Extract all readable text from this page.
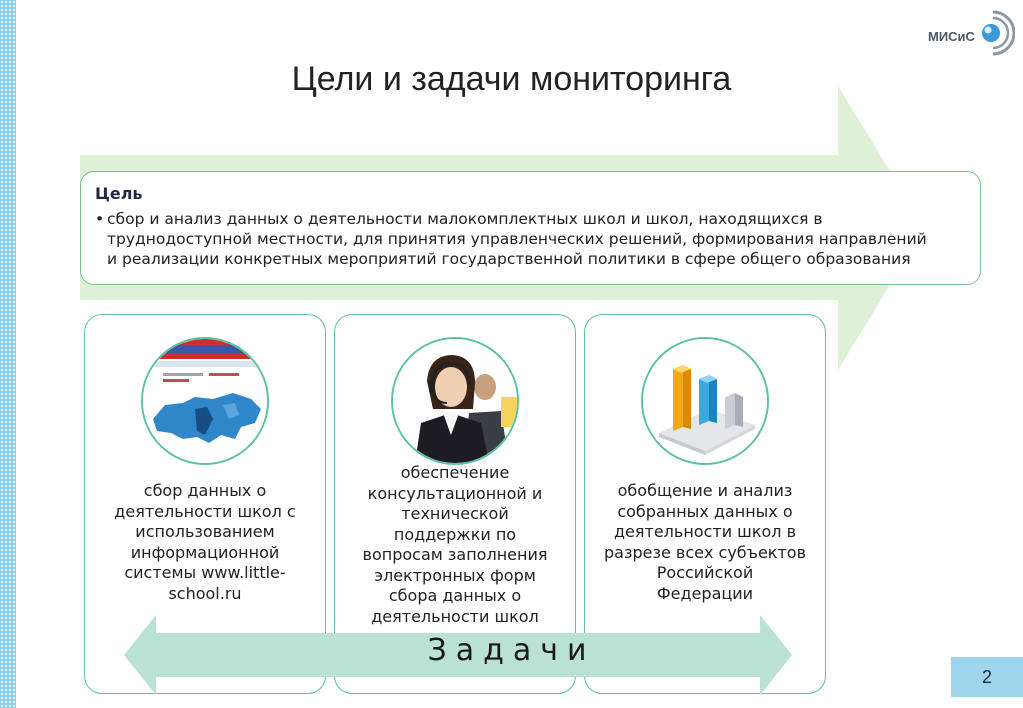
МИСиС
Цели и задачи мониторинга
Цель
• сбор и анализ данных о деятельности малокомплектных школ и школ, находящихся в
труднодоступной местности, для принятия управленческих решений, формирования направлений
и реализации конкретных мероприятий государственной политики в сфере общего образования
сбор данных о
деятельности школ с
использованием
информационной
системы www.little-
school.ru
обеспечение
консультационной и
технической
поддержки по
вопросам заполнения
электронных форм
сбора данных о
деятельности школ
обобщение и анализ
собранных данных о
деятельности школ в
разрезе всех субъектов
Российской
Федерации
Задачи
2
